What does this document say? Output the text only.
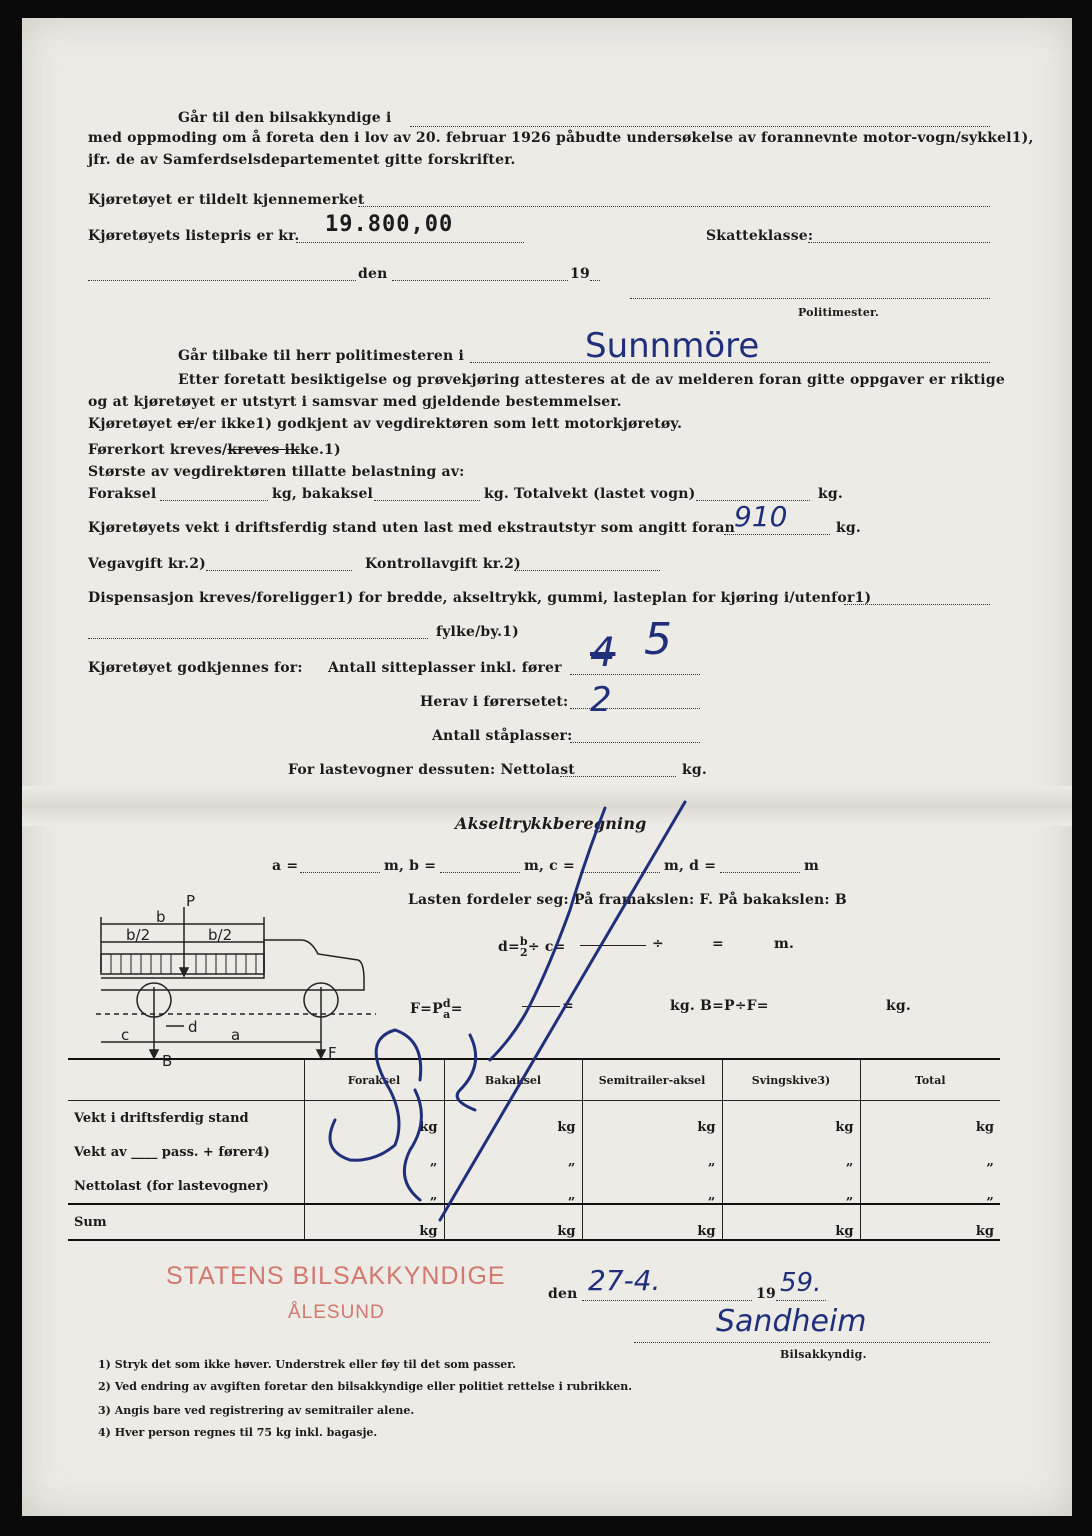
Går til den bilsakkyndige i
med oppmoding om å foreta den i lov av 20. februar 1926 påbudte undersøkelse av forannevnte motor-vogn/sykkel1),
jfr. de av Samferdselsdepartementet gitte forskrifter.
Kjøretøyet er tildelt kjennemerket
Kjøretøyets listepris er kr. 19.800,00	Skatteklasse:
den	19
Politimester.
Går tilbake til herr politimesteren i	Sunnmöre
Etter foretatt besiktigelse og prøvekjøring attesteres at de av melderen foran gitte oppgaver er riktige
og at kjøretøyet er utstyrt i samsvar med gjeldende bestemmelser.
Kjøretøyet er/er ikke1) godkjent av vegdirektøren som lett motorkjøretøy.
Førerkort kreves/kreves ikke.1)
Største av vegdirektøren tillatte belastning av:
Foraksel	kg, bakaksel	kg. Totalvekt (lastet vogn)	kg.
Kjøretøyets vekt i driftsferdig stand uten last med ekstrautstyr som angitt foran
910	kg.
Vegavgift kr.2)	Kontrollavgift kr.2)
Dispensasjon kreves/foreligger1) for bredde, akseltrykk, gummi, lasteplan for kjøring i/utenfor1)
fylke/by.1)
Kjøretøyet godkjennes for: Antall sitteplasser inkl. fører 4 5
Herav i førersetet: 2
Antall ståplasser:
For lastevogner dessuten: Nettolast	kg.
Akseltrykkberegning
a =	m, b =	m, c =	m, d =	m
Lasten fordeler seg: På framakslen: F. På bakakslen: B
d=b
2÷ c=	÷	=	m.
F=Pd
a=	=	kg. B=P÷F=	kg.
P
b
b/2	b/2
d
c	a
B	F
	Foraksel	Bakaksel	Semitrailer-aksel	Svingskive3)	Total
Vekt i driftsferdig stand	kg	kg	kg	kg	kg
Vekt av ____ pass. + fører4)	„	„	„	„	„
Nettolast (for lastevogner)	„	„	„	„	„
Sum	kg	kg	kg	kg	kg
STATENS BILSAKKYNDIGE
ÅLESUND
den 27-4.	19 59.
Sandheim
Bilsakkyndig.
1) Stryk det som ikke høver. Understrek eller føy til det som passer.
2) Ved endring av avgiften foretar den bilsakkyndige eller politiet rettelse i rubrikken.
3) Angis bare ved registrering av semitrailer alene.
4) Hver person regnes til 75 kg inkl. bagasje.
